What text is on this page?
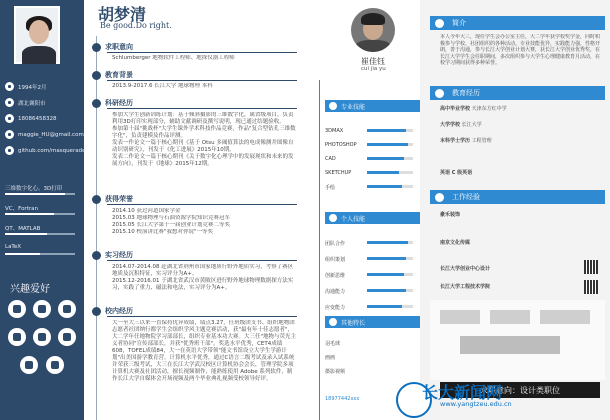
1994年2月
湖北襄阳市
18086458328
maggie_HU@gmail.com
github.com/masquerade
三维数字化心、3D打印
VC、Fortran
QT、MATLAB
LaTeX
兴趣爱好
胡梦清
Be good.Do right.
求职意向
Schlumberger 地物软件工程师、地探仪器工程师
教育背景
2013.9-2017.6 长江大学 地球物理 本科
科研经历
参加大学生创新训练计划：基于倾斜摄影的三维数字化，属省级项目，负责利用3D打印实现部分，辅助文献调研及撰写说明，现已通过结题验收。
参加第十届"挑战杯"大学生课外学术科技作品竞赛，作品"复合型钻孔三维数字化"，负责建模及作品评测。
发表一作论文一篇于核心期刊《基于 Otsu 多阈值算法的电成像测井图像自动识别研究》，刊发于《化工进展》2015年10期。
发表二作论文一篇于核心期刊《关于数字化心理学中的发展现状和未来的发展方向》，刊发于《地球》2015年12期。
获得荣誉
2014.10 获过河道国家学金
2015.03 地球物理与石油资源学院知识竞赛冠军
2015.05 长江大学第十一届创业计划竞赛二等奖
2015.10 校演讲比赛"我想对你说"一等奖
实习经历
2014.07-2014.08 赴湖北省荆州市国家地质行野外地质实习，考察了赛区地质及沉积特征，实习评分为A+。
2015.12-2016.01 于湖北省武汉市黄陂区进行野外地球物理数据探方法实习，实践了重力、磁法和电法，实习评分为A+。
校内经历
大一至大三以来一直保持优异成绩，绩点3.27，任班级团支书、组织地物团志愿者社团纳行都学生会组织学风主题竞赛活动，获"最有年十佳志愿者"，大二学年任地物院学习部部长，组织专业基本功大赛。大三任"地物与荧光主义者协同"宣传部部长，并获"优秀班干部"。奖选水平优秀，CET4成绩608，TOFEL成绩84，大一在英语大学带领"能文书馆设立大学生学游计划"出美国游学教育营。计算机水平优秀，通过C语言二级考试及录入试系统并荣获三级考试，大三在长江大学武汉校区计算机协会会长，管理学院多项计算机大赛及社团活动，擅长视频制作，能熟练使用 Adobe 系列软件，制作长江大学自媒体会开场视频及两个毕业典礼视频受校领导好评。
崔佳钰
cui jia yu
专业技能
3DMAX
PHOTOSHOP
CAD
SKETCHUP
手绘
个人技能
团队合作
组织策划
创新思维
沟通能力
应变能力
其他特长
羽毛球
画画
摄影视频
18977442xxx
简介
本人今年大三，现任学生会办公室主任，大二学年获学校奖学金，同时积极参与学校、社团组织的各种活动。专业技能优异，实践能力强，性格开朗，善于沟通，参与长江大学创业计划大赛，获长江大学创业优秀奖，在长江大学学生会任职期间，多次组织参与大学生心理健康教育月活动，在校学习期间获得多种荣誉。
教育经历
高中毕业学校 天津东方红中学
大学学校 长江大学
本科学士学历 工程管理
英语 C 级英语
工作经验
豪禾装饰
南京文化传媒
长江大学创业中心设计
长江大学工程技术学院
求职意向：设计类职位
长大新闻网
www.yangtzeu.edu.cn
